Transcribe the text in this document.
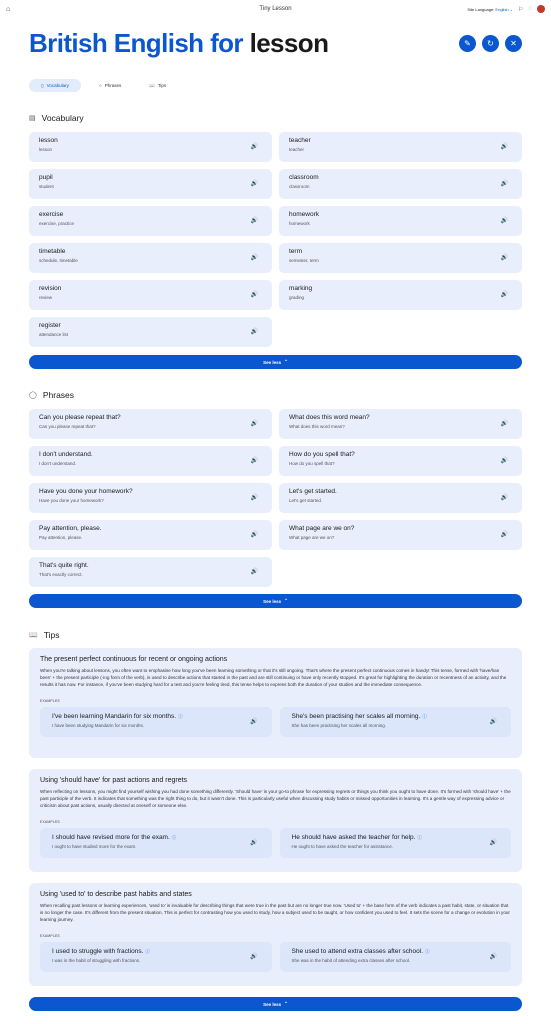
⌂	Tiny Lesson	Site Language: English ⌄ ⚐ ◌
British English for lesson	✎ ↻ ✕
▯ Vocabulary	○ Phrases	📖 Tips
▤ Vocabulary
lesson
lesson	🔊
teacher
teacher	🔊
pupil
student	🔊
classroom
classroom	🔊
exercise
exercise, practice	🔊
homework
homework	🔊
timetable
schedule, timetable	🔊
term
semester, term	🔊
revision
review	🔊
marking
grading	🔊
register
attendance list	🔊
See less ⌃
◯ Phrases
Can you please repeat that?
Can you please repeat that?	🔊
What does this word mean?
What does this word mean?	🔊
I don't understand.
I don't understand.	🔊
How do you spell that?
How do you spell that?	🔊
Have you done your homework?
Have you done your homework?	🔊
Let's get started.
Let's get started.	🔊
Pay attention, please.
Pay attention, please.	🔊
What page are we on?
What page are we on?	🔊
That's quite right.
That's exactly correct.	🔊
See less ⌃
📖 Tips
The present perfect continuous for recent or ongoing actions

When you're talking about lessons, you often want to emphasise how long you've been learning something or that it's still ongoing. That's where the present perfect continuous comes in handy! This tense, formed with 'have/has been' + the present participle (-ing form of the verb), is used to describe actions that started in the past and are still continuing or have only recently stopped. It's great for highlighting the duration or recentness of an activity, and the results it has now. For instance, if you've been studying hard for a test and you're feeling tired, this tense helps to express both the duration of your studies and the immediate consequence.

EXAMPLES
I've been learning Mandarin for six months. ⓘ
I have been studying Mandarin for six months.
🔊
She's been practising her scales all morning. ⓘ
She has been practising her scales all morning.
🔊
Using 'should have' for past actions and regrets

When reflecting on lessons, you might find yourself wishing you had done something differently. 'Should have' is your go-to phrase for expressing regrets or things you think you ought to have done. It's formed with 'should have' + the past participle of the verb. It indicates that something was the right thing to do, but it wasn't done. This is particularly useful when discussing study habits or missed opportunities in learning. It's a gentle way of expressing advice or criticism about past actions, usually directed at oneself or someone else.

EXAMPLES
I should have revised more for the exam. ⓘ
I ought to have studied more for the exam.
🔊
He should have asked the teacher for help. ⓘ
He ought to have asked the teacher for assistance.
🔊
Using 'used to' to describe past habits and states

When recalling past lessons or learning experiences, 'used to' is invaluable for describing things that were true in the past but are no longer true now. 'Used to' + the base form of the verb indicates a past habit, state, or situation that is no longer the case. It's different from the present situation. This is perfect for contrasting how you used to study, how a subject used to be taught, or how confident you used to feel. It sets the scene for a change or evolution in your learning journey.

EXAMPLES
I used to struggle with fractions. ⓘ
I was in the habit of struggling with fractions.
🔊
She used to attend extra classes after school. ⓘ
She was in the habit of attending extra classes after school.
🔊
See less ⌃
